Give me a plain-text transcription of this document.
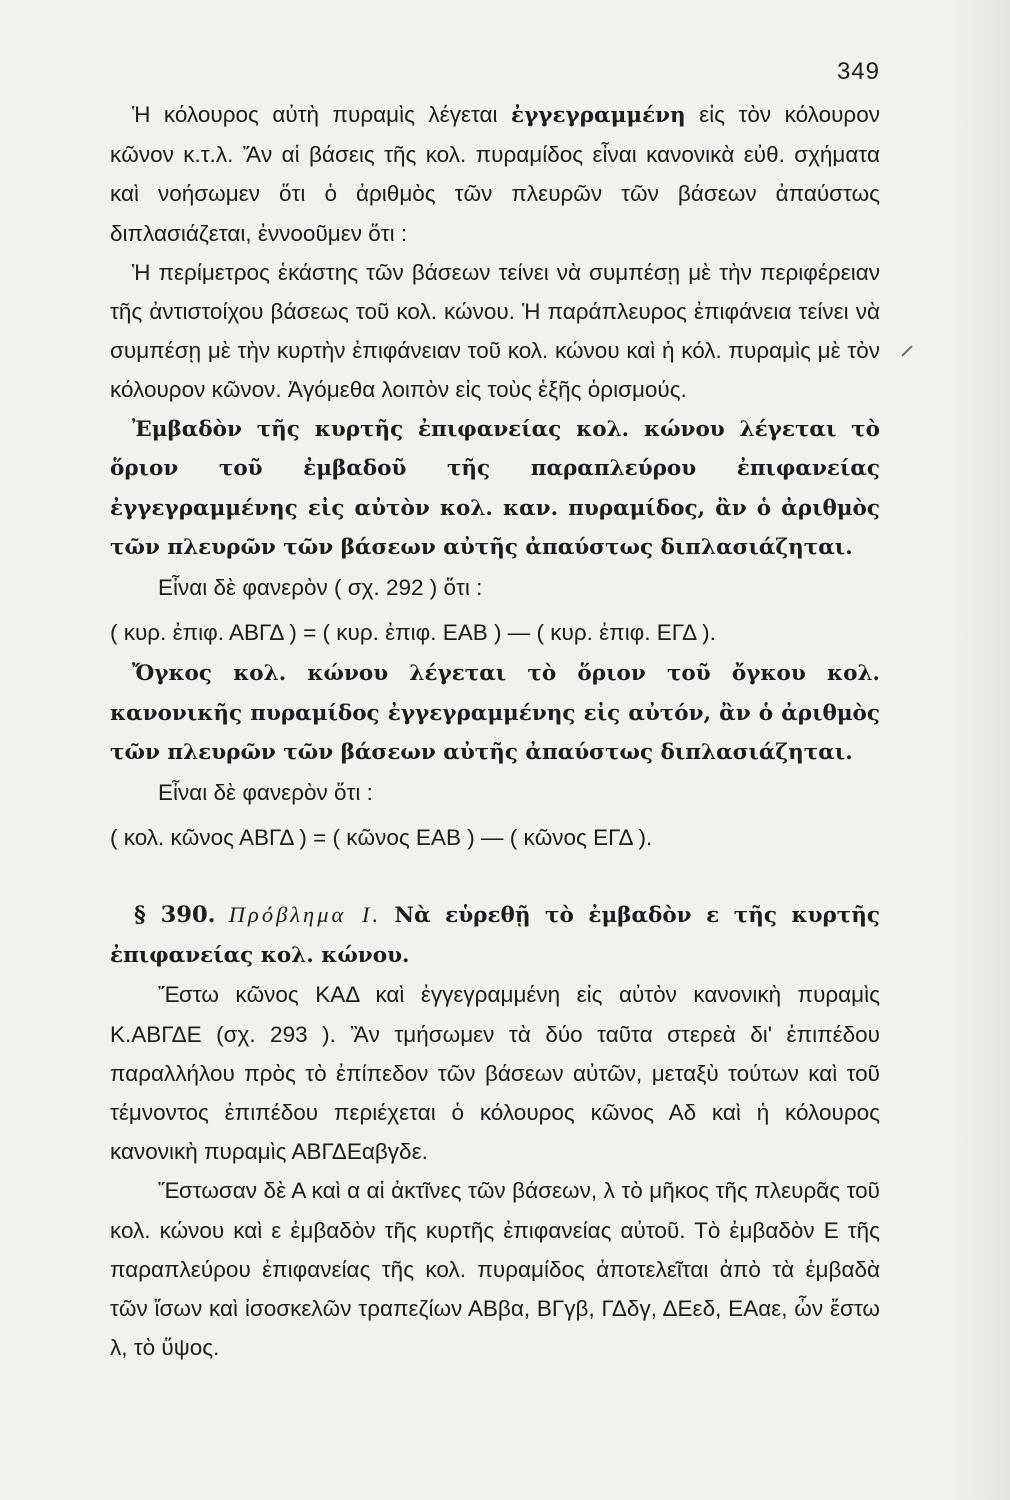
349

Ἡ κόλουρος αὐτὴ πυραμὶς λέγεται ἐγγεγραμμένη εἰς τὸν κόλουρον κῶνον κ.τ.λ. Ἄν αἱ βάσεις τῆς κολ. πυραμίδος εἶναι κανονικὰ εὐθ. σχήματα καὶ νοήσωμεν ὅτι ὁ ἀριθμὸς τῶν πλευρῶν τῶν βάσεων ἀπαύστως διπλασιάζεται, ἐννοοῦμεν ὅτι :

Ἡ περίμετρος ἑκάστης τῶν βάσεων τείνει νὰ συμπέσῃ μὲ τὴν περιφέρειαν τῆς ἀντιστοίχου βάσεως τοῦ κολ. κώνου. Ἡ παράπλευρος ἐπιφάνεια τείνει νὰ συμπέσῃ μὲ τὴν κυρτὴν ἐπιφάνειαν τοῦ κολ. κώνου καὶ ἡ κόλ. πυραμὶς μὲ τὸν κόλουρον κῶνον. Ἀγόμεθα λοιπὸν εἰς τοὺς ἑξῆς ὁρισμούς.

Ἐμβαδὸν τῆς κυρτῆς ἐπιφανείας κολ. κώνου λέγεται τὸ ὅριον τοῦ ἐμβαδοῦ τῆς παραπλεύρου ἐπιφανείας ἐγγεγραμμένης εἰς αὐτὸν κολ. καν. πυραμίδος, ἂν ὁ ἀριθμὸς τῶν πλευρῶν τῶν βάσεων αὐτῆς ἀπαύστως διπλασιάζηται.

Εἶναι δὲ φανερὸν ( σχ. 292 ) ὅτι :

( κυρ. ἐπιφ. ΑΒΓΔ ) = ( κυρ. ἐπιφ. ΕΑΒ ) — ( κυρ. ἐπιφ. ΕΓΔ ).

Ὄγκος κολ. κώνου λέγεται τὸ ὅριον τοῦ ὄγκου κολ. κανονικῆς πυραμίδος ἐγγεγραμμένης εἰς αὐτόν, ἂν ὁ ἀριθμὸς τῶν πλευρῶν τῶν βάσεων αὐτῆς ἀπαύστως διπλασιάζηται.

Εἶναι δὲ φανερὸν ὅτι :

( κολ. κῶνος ΑΒΓΔ ) = ( κῶνος ΕΑΒ ) — ( κῶνος ΕΓΔ ).

§ 390. Πρόβλημα Ι. Νὰ εὑρεθῇ τὸ ἐμβαδὸν ε τῆς κυρτῆς ἐπιφανείας κολ. κώνου.

Ἔστω κῶνος ΚΑΔ καὶ ἐγγεγραμμένη εἰς αὐτὸν κανονικὴ πυραμὶς Κ.ΑΒΓΔΕ (σχ. 293 ). Ἂν τμήσωμεν τὰ δύο ταῦτα στερεὰ δι' ἐπιπέδου παραλλήλου πρὸς τὸ ἐπίπεδον τῶν βάσεων αὐτῶν, μεταξὺ τούτων καὶ τοῦ τέμνοντος ἐπιπέδου περιέχεται ὁ κόλουρος κῶνος Αδ καὶ ἡ κόλουρος κανονικὴ πυραμὶς ΑΒΓΔΕαβγδε.

Ἔστωσαν δὲ Α καὶ α αἱ ἀκτῖνες τῶν βάσεων, λ τὸ μῆκος τῆς πλευρᾶς τοῦ κολ. κώνου καὶ ε ἐμβαδὸν τῆς κυρτῆς ἐπιφανείας αὐτοῦ. Τὸ ἐμβαδὸν Ε τῆς παραπλεύρου ἐπιφανείας τῆς κολ. πυραμίδος ἀποτελεῖται ἀπὸ τὰ ἐμβαδὰ τῶν ἴσων καὶ ἰσοσκελῶν τραπεζίων ΑΒβα, ΒΓγβ, ΓΔδγ, ΔΕεδ, ΕΑαε, ὧν ἔστω λ, τὸ ὕψος.
